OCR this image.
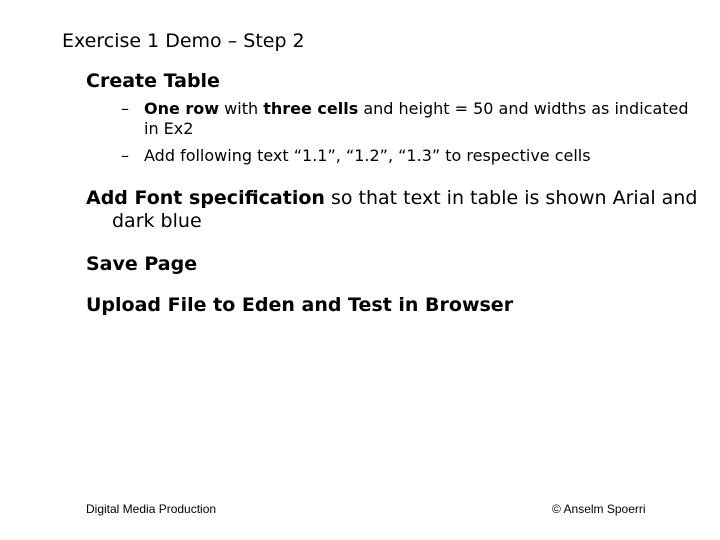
Exercise 1 Demo – Step 2
Create Table
– One row with three cells and height = 50 and widths as indicated in Ex2
– Add following text “1.1”, “1.2”, “1.3” to respective cells
Add Font specification so that text in table is shown Arial and dark blue
Save Page
Upload File to Eden and Test in Browser
Digital Media Production	© Anselm Spoerri
